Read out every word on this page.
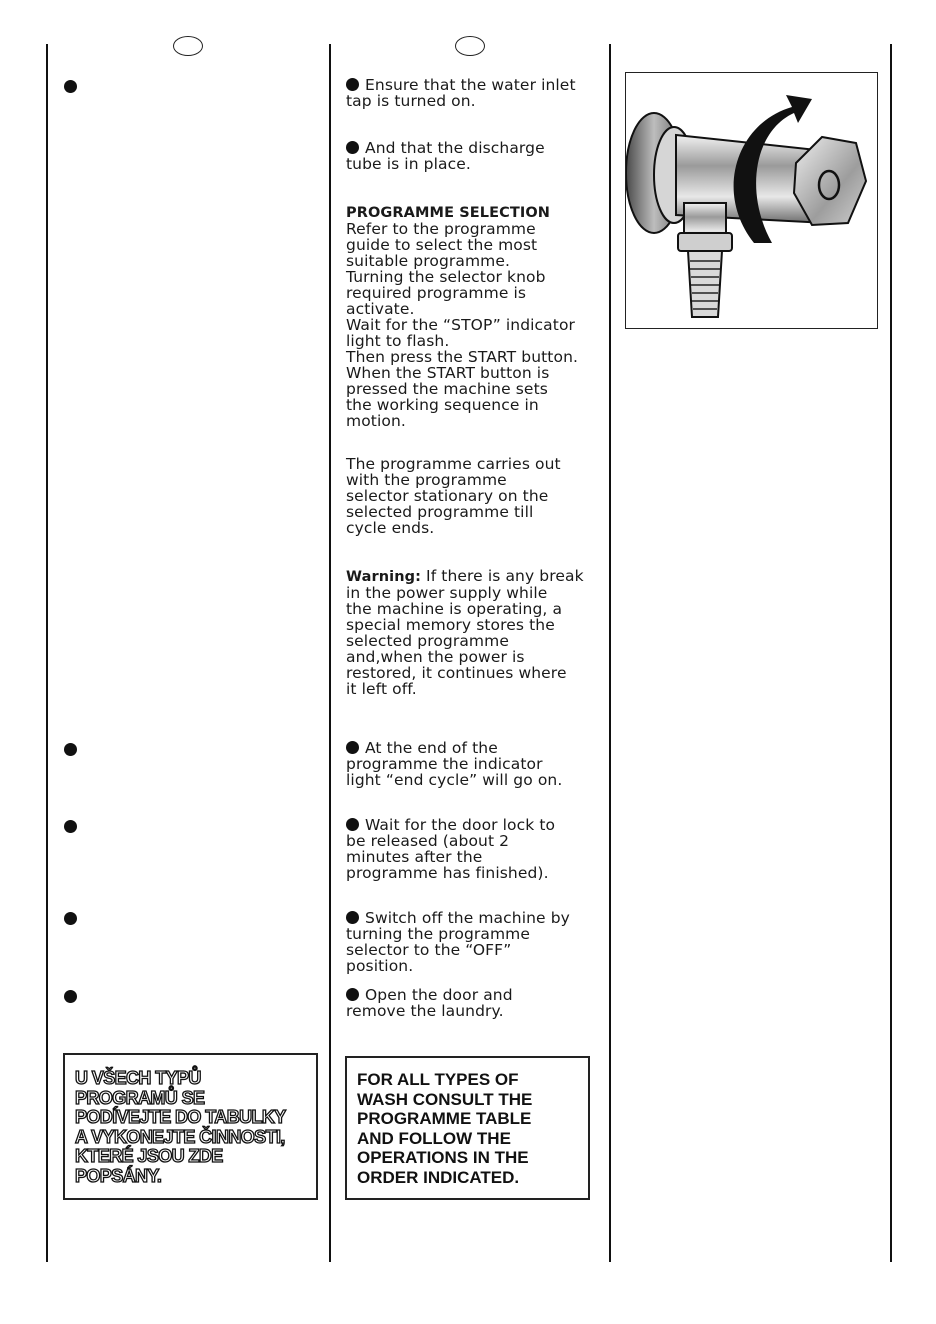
Ensure that the water inlet
tap is turned on.
And that the discharge
tube is in place.
PROGRAMME SELECTION
Refer to the programme
guide to select the most
suitable programme.
Turning the selector knob
required programme is
activate.
Wait for the “STOP” indicator
light to flash.
Then press the START button.
When the START button is
pressed the machine sets
the working sequence in
motion.
The programme carries out
with the programme
selector stationary on the
selected programme till
cycle ends.
Warning: If there is any break
in the power supply while
the machine is operating, a
special memory stores the
selected programme
and,when the power is
restored, it continues where
it left off.
At the end of the
programme the indicator
light “end cycle” will go on.
Wait for the door lock to
be released (about 2
minutes after the
programme has finished).
Switch off the machine by
turning the programme
selector to the “OFF”
position.
Open the door and
remove the laundry.
U VŠECH TYPŮ
PROGRAMŮ SE
PODÍVEJTE DO TABULKY
A VYKONEJTE ČINNOSTI,
KTERÉ JSOU ZDE
POPSÁNY.
FOR ALL TYPES OF
WASH CONSULT THE
PROGRAMME TABLE
AND FOLLOW THE
OPERATIONS IN THE
ORDER INDICATED.
